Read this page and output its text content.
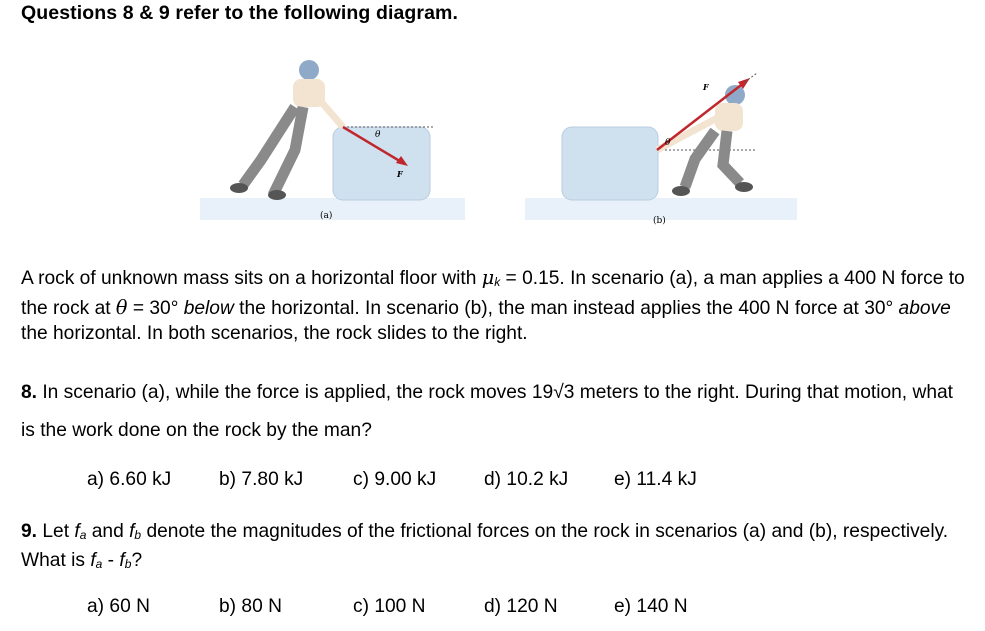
Questions 8 & 9 refer to the following diagram.
θ
F
(a)
θ
F
(b)
A rock of unknown mass sits on a horizontal floor with $\mu_k = 0.15$. In scenario (a), a man applies a 400 N force to the rock at θ = 30° below the horizontal. In scenario (b), the man instead applies the 400 N force at 30° above the horizontal. In both scenarios, the rock slides to the right.
8. In scenario (a), while the force is applied, the rock moves 19√3 meters to the right. During that motion, what is the work done on the rock by the man?
a) 6.60 kJ b) 7.80 kJ	c) 9.00 kJ d) 10.2 kJ e) 11.4 kJ
9. Let $f_a$ and $f_b$ denote the magnitudes of the frictional forces on the rock in scenarios (a) and (b), respectively. What is $f_a - f_b$?
a) 60 N	b) 80 N	c) 100 N	d) 120 N	e) 140 N
